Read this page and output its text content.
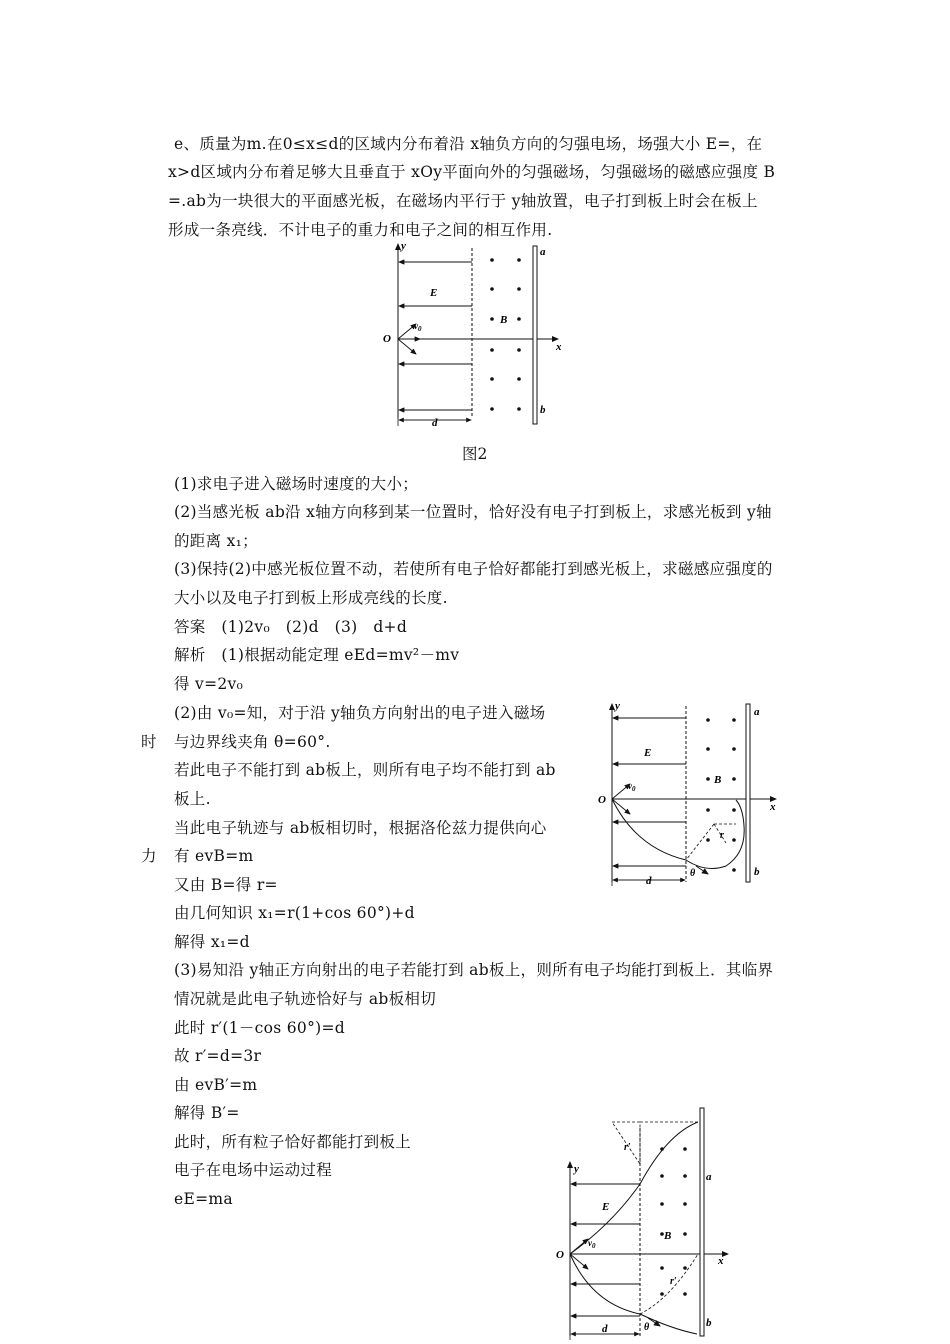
e、质量为m.在0≤x≤d的区域内分布着沿 x轴负方向的匀强电场，场强大小 E=，在
x>d区域内分布着足够大且垂直于 xOy平面向外的匀强磁场，匀强磁场的磁感应强度 B
=.ab为一块很大的平面感光板，在磁场内平行于 y轴放置，电子打到板上时会在板上
形成一条亮线．不计电子的重力和电子之间的相互作用.
y
x
O
E
$v_0$
B
a
b
d
图2
(1)求电子进入磁场时速度的大小；
(2)当感光板 ab沿 x轴方向移到某一位置时，恰好没有电子打到板上，求感光板到 y轴
的距离 x₁；
(3)保持(2)中感光板位置不动，若使所有电子恰好都能打到感光板上，求磁感应强度的
大小以及电子打到板上形成亮线的长度.
答案　(1)2v₀　(2)d　(3)　d+d
解析　(1)根据动能定理 eEd=mv²－mv
得 v=2v₀
(2)由 v₀=知，对于沿 y轴负方向射出的电子进入磁场
时 与边界线夹角 θ=60°.
若此电子不能打到 ab板上，则所有电子均不能打到 ab
板上.
当此电子轨迹与 ab板相切时，根据洛伦兹力提供向心
力 有 evB=m
又由 B=得 r=
由几何知识 x₁=r(1+cos 60°)+d
解得 x₁=d
(3)易知沿 y轴正方向射出的电子若能打到 ab板上，则所有电子均能打到板上．其临界
情况就是此电子轨迹恰好与 ab板相切
此时 r′(1－cos 60°)=d
故 r′=d=3r
由 evB′=m
解得 B′=
此时，所有粒子恰好都能打到板上
电子在电场中运动过程
eE=ma
y
x
O
E
$v_0$
B
a
b
r
θ
d
y
x
O
E
$v_0$
B
a
b
r′
r′
θ
d
